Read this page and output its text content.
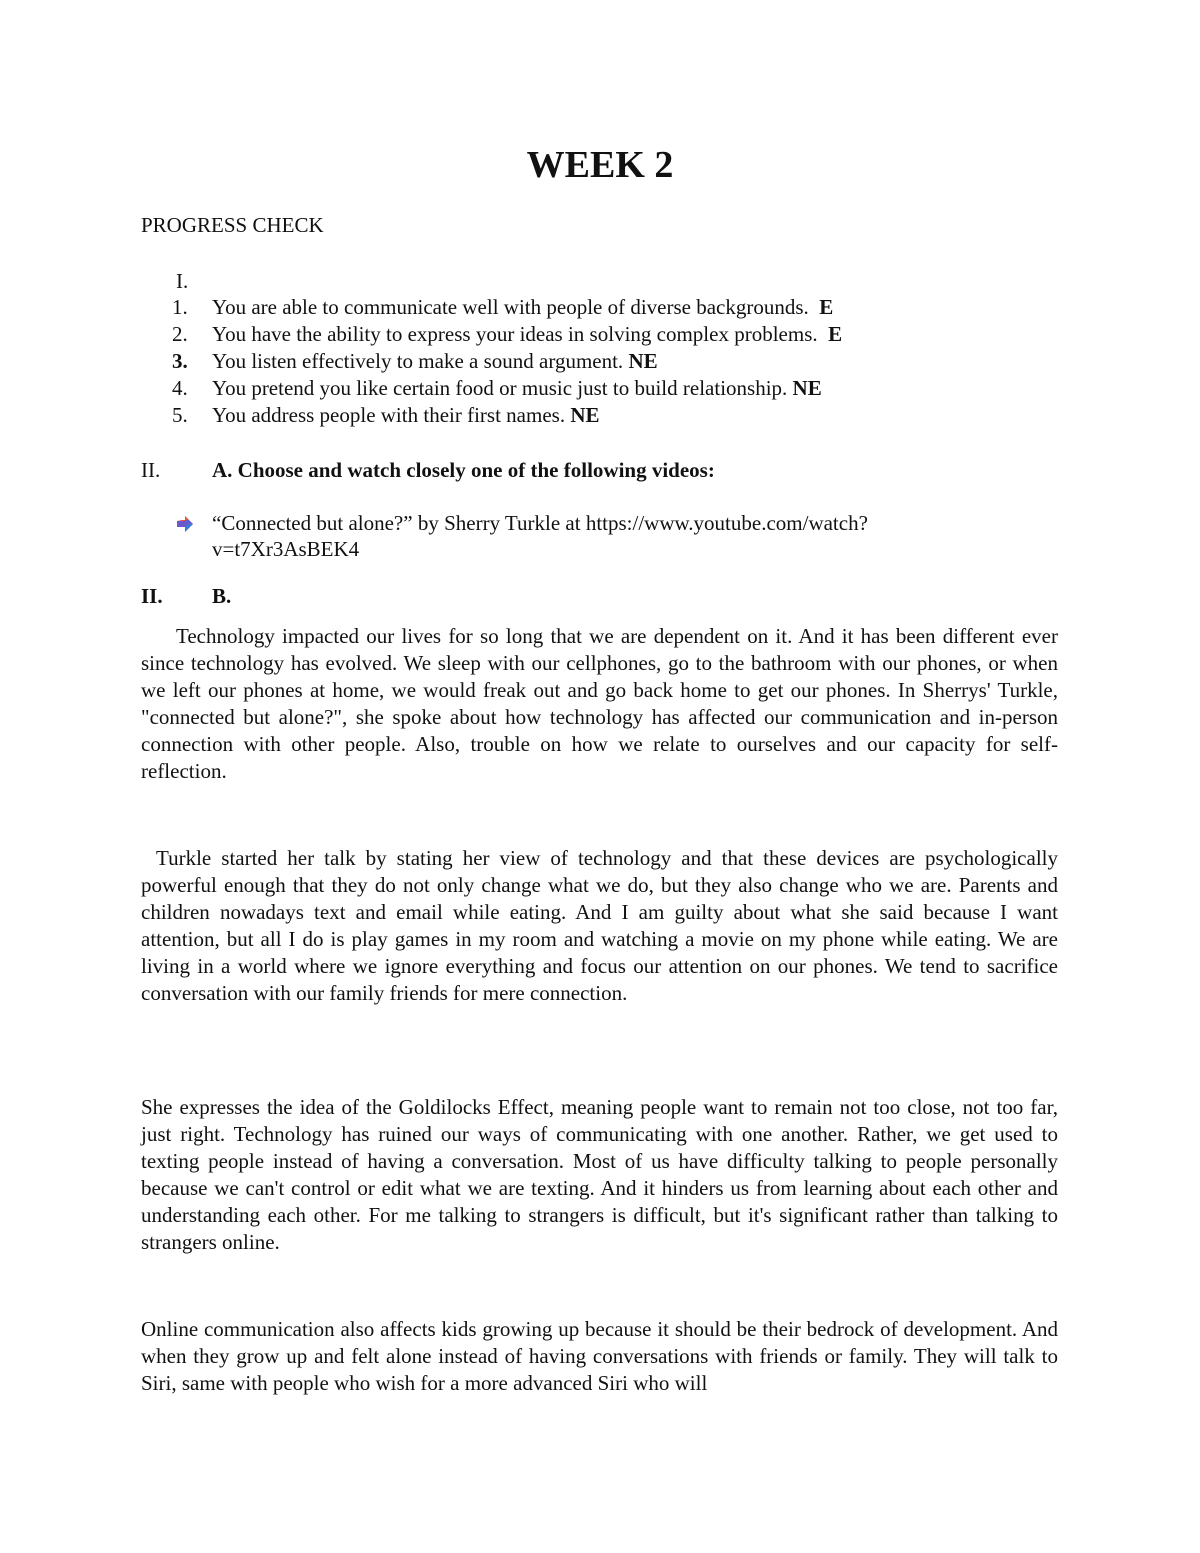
WEEK 2
PROGRESS CHECK
I.
1.	You are able to communicate well with people of diverse backgrounds. E
2.	You have the ability to express your ideas in solving complex problems. E
3.	You listen effectively to make a sound argument. NE
4.	You pretend you like certain food or music just to build relationship. NE
5.	You address people with their first names. NE
II. A. Choose and watch closely one of the following videos:
“Connected but alone?” by Sherry Turkle at https://www.youtube.com/watch?v=t7Xr3AsBEK4
II. B.

Technology impacted our lives for so long that we are dependent on it. And it has been different ever since technology has evolved. We sleep with our cellphones, go to the bathroom with our phones, or when we left our phones at home, we would freak out and go back home to get our phones. In Sherrys' Turkle, "connected but alone?", she spoke about how technology has affected our communication and in-person connection with other people. Also, trouble on how we relate to ourselves and our capacity for self-reflection.

Turkle started her talk by stating her view of technology and that these devices are psychologically powerful enough that they do not only change what we do, but they also change who we are. Parents and children nowadays text and email while eating. And I am guilty about what she said because I want attention, but all I do is play games in my room and watching a movie on my phone while eating. We are living in a world where we ignore everything and focus our attention on our phones. We tend to sacrifice conversation with our family friends for mere connection.

She expresses the idea of the Goldilocks Effect, meaning people want to remain not too close, not too far, just right. Technology has ruined our ways of communicating with one another. Rather, we get used to texting people instead of having a conversation. Most of us have difficulty talking to people personally because we can't control or edit what we are texting. And it hinders us from learning about each other and understanding each other. For me talking to strangers is difficult, but it's significant rather than talking to strangers online.

Online communication also affects kids growing up because it should be their bedrock of development. And when they grow up and felt alone instead of having conversations with friends or family. They will talk to Siri, same with people who wish for a more advanced Siri who will
